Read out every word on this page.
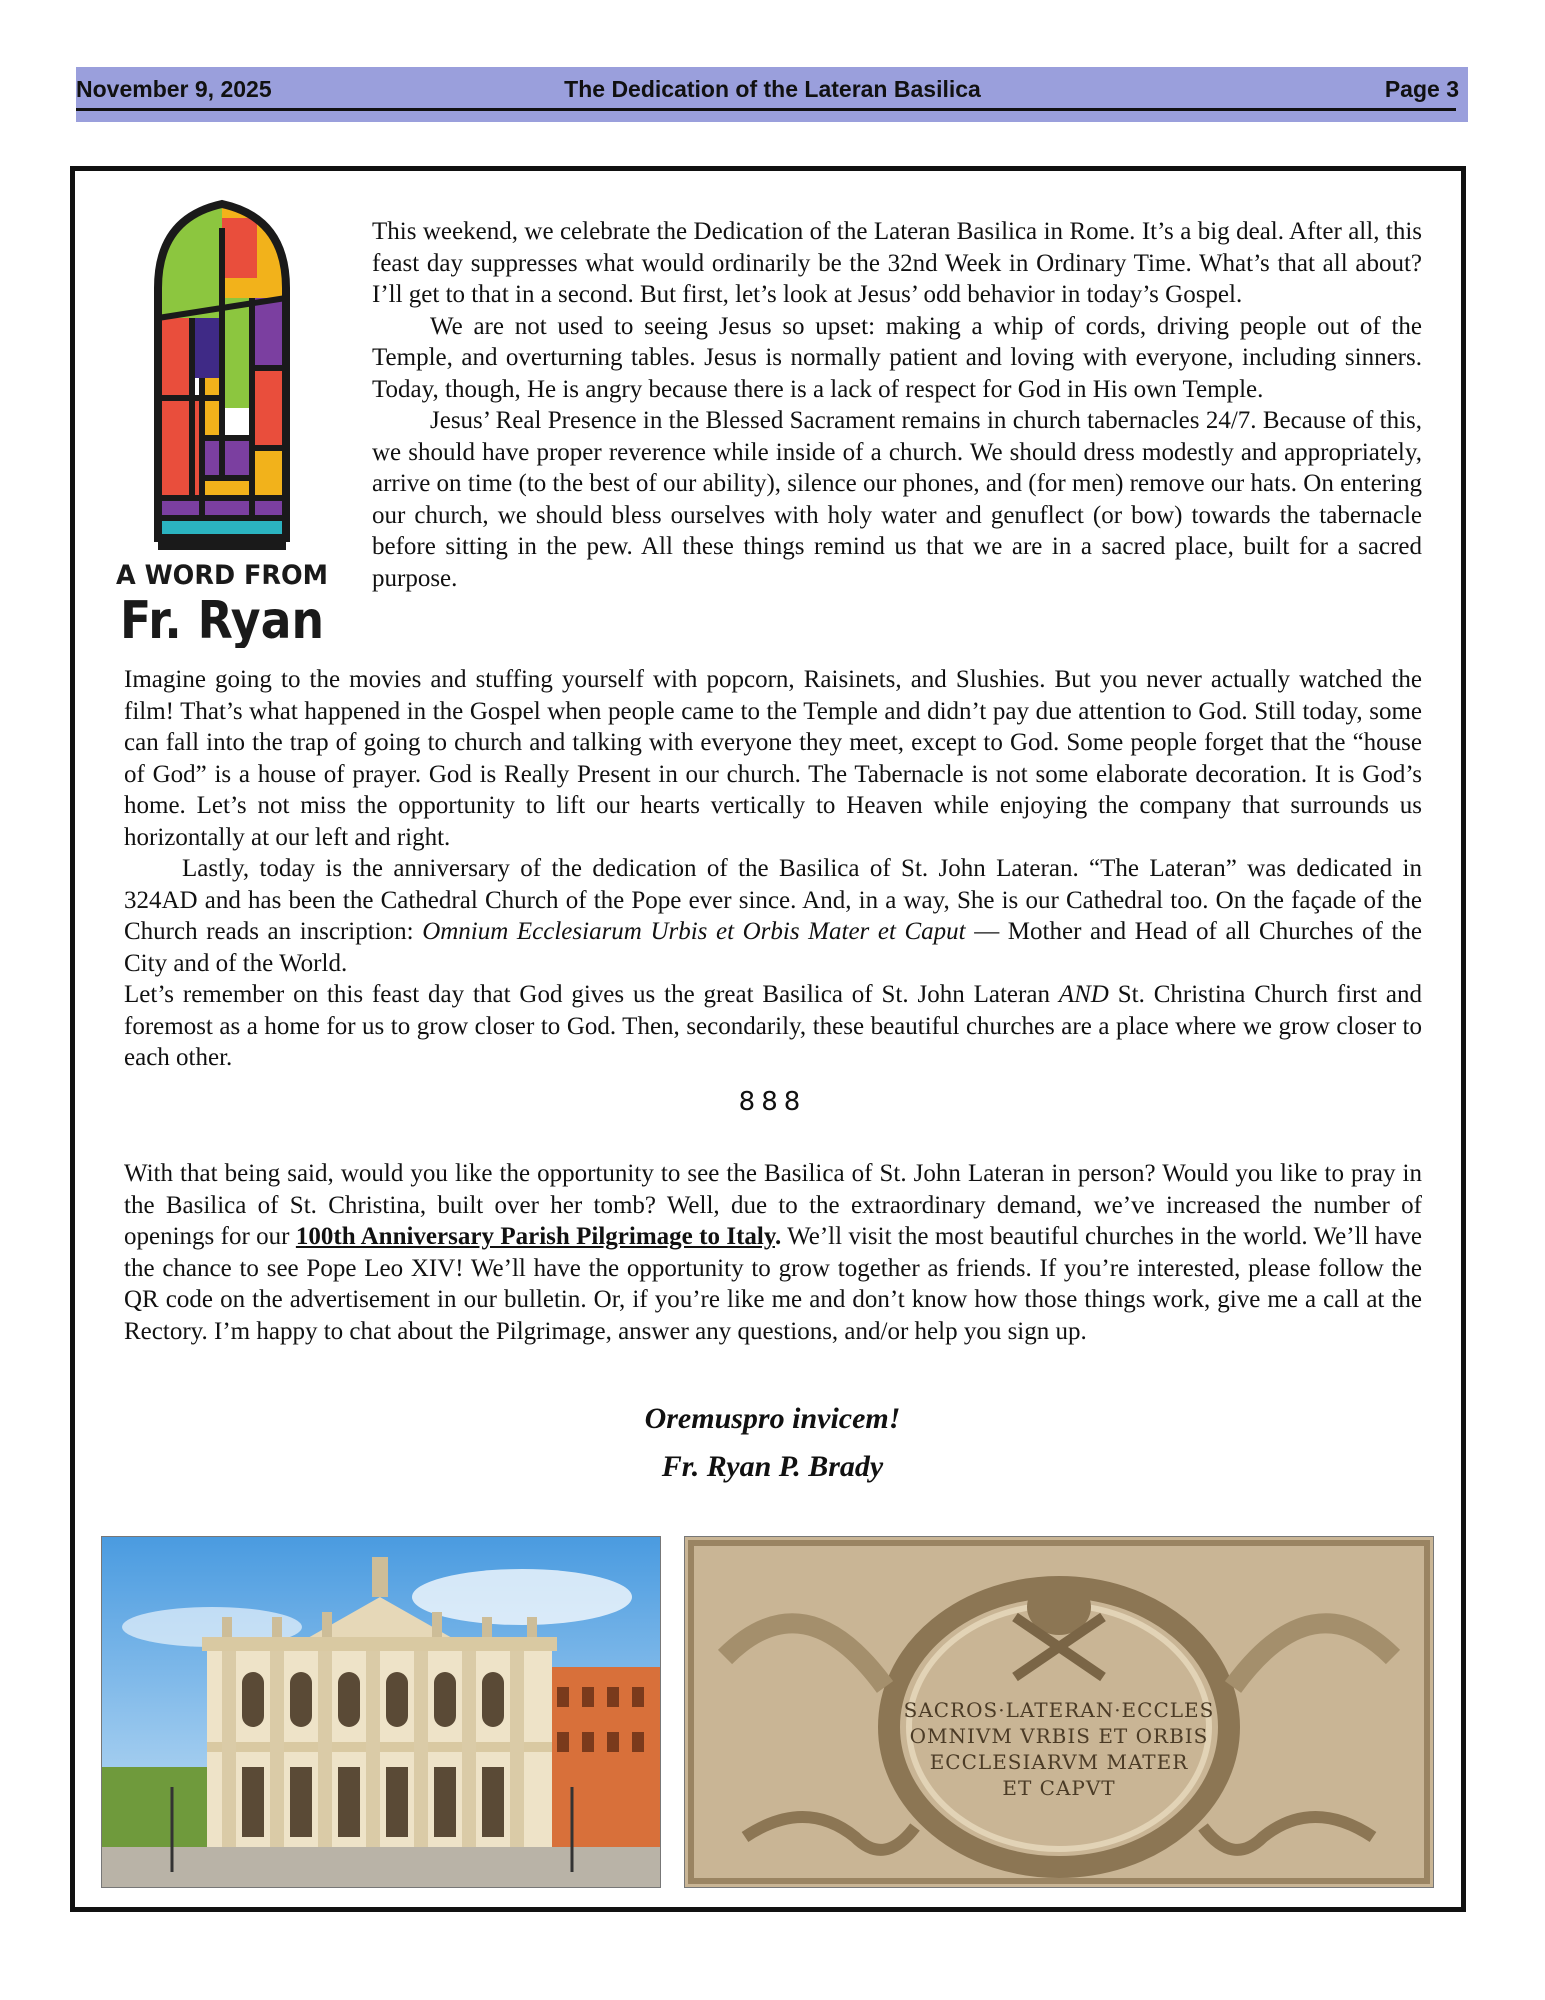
The Dedication of the Lateran Basilica
November 9, 2025	Page 3
A WORD FROM
Fr. Ryan

This weekend, we celebrate the Dedication of the Lateran Basilica in Rome. It’s a big deal. After all, this feast day suppresses what would ordinarily be the 32nd Week in Ordinary Time. What’s that all about? I’ll get to that in a second. But first, let’s look at Jesus’ odd behavior in today’s Gospel.

We are not used to seeing Jesus so upset: making a whip of cords, driving people out of the Temple, and overturning tables. Jesus is normally patient and loving with everyone, including sinners. Today, though, He is angry because there is a lack of respect for God in His own Temple.

Jesus’ Real Presence in the Blessed Sacrament remains in church tabernacles 24/7. Because of this, we should have proper reverence while inside of a church. We should dress modestly and appropriately, arrive on time (to the best of our ability), silence our phones, and (for men) remove our hats. On entering our church, we should bless ourselves with holy water and genuflect (or bow) towards the tabernacle before sitting in the pew. All these things remind us that we are in a sacred place, built for a sacred purpose.

Imagine going to the movies and stuffing yourself with popcorn, Raisinets, and Slushies. But you never actually watched the film! That’s what happened in the Gospel when people came to the Temple and didn’t pay due attention to God. Still today, some can fall into the trap of going to church and talking with everyone they meet, except to God. Some people forget that the “house of God” is a house of prayer. God is Really Present in our church. The Tabernacle is not some elaborate decoration. It is God’s home. Let’s not miss the opportunity to lift our hearts vertically to Heaven while enjoying the company that surrounds us horizontally at our left and right.

Lastly, today is the anniversary of the dedication of the Basilica of St. John Lateran. “The Lateran” was dedicated in 324AD and has been the Cathedral Church of the Pope ever since. And, in a way, She is our Cathedral too. On the façade of the Church reads an inscription: Omnium Ecclesiarum Urbis et Orbis Mater et Caput — Mother and Head of all Churches of the City and of the World.

Let’s remember on this feast day that God gives us the great Basilica of St. John Lateran AND St. Christina Church first and foremost as a home for us to grow closer to God. Then, secondarily, these beautiful churches are a place where we grow closer to each other.

888

With that being said, would you like the opportunity to see the Basilica of St. John Lateran in person? Would you like to pray in the Basilica of St. Christina, built over her tomb? Well, due to the extraordinary demand, we’ve increased the number of openings for our 100th Anniversary Parish Pilgrimage to Italy. We’ll visit the most beautiful churches in the world. We’ll have the chance to see Pope Leo XIV! We’ll have the opportunity to grow together as friends. If you’re interested, please follow the QR code on the advertisement in our bulletin. Or, if you’re like me and don’t know how those things work, give me a call at the Rectory. I’m happy to chat about the Pilgrimage, answer any questions, and/or help you sign up.

Oremuspro invicem!
Fr. Ryan P. Brady
SACROS·LATERAN·ECCLES
OMNIVM VRBIS ET ORBIS
ECCLESIARVM MATER
ET CAPVT
